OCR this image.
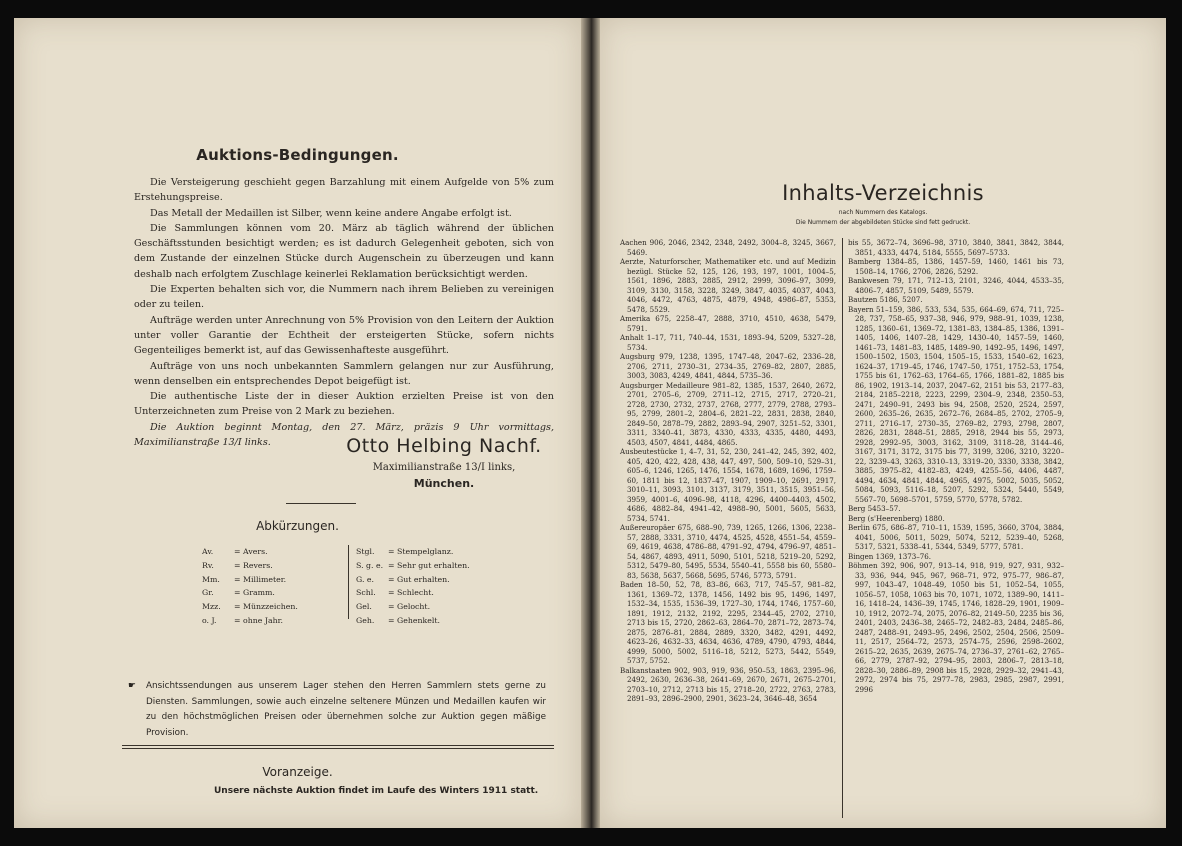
Auktions-Bedingungen.

Die Versteigerung geschieht gegen Barzahlung mit einem Aufgelde von 5% zum Erstehungspreise.

Das Metall der Medaillen ist Silber, wenn keine andere Angabe erfolgt ist.

Die Sammlungen können vom 20. März ab täglich während der üblichen Geschäftsstunden besichtigt werden; es ist dadurch Gelegenheit geboten, sich von dem Zustande der einzelnen Stücke durch Augenschein zu überzeugen und kann deshalb nach erfolgtem Zuschlage keinerlei Reklamation berücksichtigt werden.

Die Experten behalten sich vor, die Nummern nach ihrem Belieben zu vereinigen oder zu teilen.

Aufträge werden unter Anrechnung von 5% Provision von den Leitern der Auktion unter voller Garantie der Echtheit der ersteigerten Stücke, sofern nichts Gegenteiliges bemerkt ist, auf das Gewissenhafteste ausgeführt.

Aufträge von uns noch unbekannten Sammlern gelangen nur zur Ausführung, wenn denselben ein entsprechendes Depot beigefügt ist.

Die authentische Liste der in dieser Auktion erzielten Preise ist von den Unterzeichneten zum Preise von 2 Mark zu beziehen.

Die Auktion beginnt Montag, den 27. März, präzis 9 Uhr vormittags, Maximilianstraße 13/I links.	Otto Helbing Nachf.
Maximilianstraße 13/I links,
München.
Abkürzungen.
Av.	= Avers.
Rv.	= Revers.
Mm. = Millimeter.
Gr.	= Gramm.
Mzz. = Münzzeichen.
o. J. = ohne Jahr.
Stgl. = Stempelglanz.
S. g. e. = Sehr gut erhalten.
G. e. = Gut erhalten.
Schl. = Schlecht.
Gel. = Gelocht.
Geh. = Gehenkelt.
☛ Ansichtssendungen aus unserem Lager stehen den Herren Sammlern stets gerne zu Diensten. Sammlungen, sowie auch einzelne seltenere Münzen und Medaillen kaufen wir zu den höchstmöglichen Preisen oder übernehmen solche zur Auktion gegen mäßige Provision.
Voranzeige.
Unsere nächste Auktion findet im Laufe des Winters 1911 statt.
Inhalts-Verzeichnis
nach Nummern des Katalogs.
Die Nummern der abgebildeten Stücke sind fett gedruckt.
Aachen 906, 2046, 2342, 2348, 2492, 3004–8, 3245, 3667, 5469.
Aerzte, Naturforscher, Mathematiker etc. und auf Medizin bezügl. Stücke 52, 125, 126, 193, 197, 1001, 1004–5, 1561, 1896, 2883, 2885, 2912, 2999, 3096–97, 3099, 3109, 3130, 3158, 3228, 3249, 3847, 4035, 4037, 4043, 4046, 4472, 4763, 4875, 4879, 4948, 4986–87, 5353, 5478, 5529.
Amerika 675, 2258–47, 2888, 3710, 4510, 4638, 5479, 5791.
Anhalt 1–17, 711, 740–44, 1531, 1893–94, 5209, 5327–28, 5734.
Augsburg 979, 1238, 1395, 1747–48, 2047–62, 2336–28, 2706, 2711, 2730–31, 2734–35, 2769–82, 2807, 2885, 3003, 3083, 4249, 4841, 4844, 5735–36.
Augsburger Medailleure 981–82, 1385, 1537, 2640, 2672, 2701, 2705–6, 2709, 2711–12, 2715, 2717, 2720–21, 2728, 2730, 2732, 2737, 2768, 2777, 2779, 2788, 2793–95, 2799, 2801–2, 2804–6, 2821–22, 2831, 2838, 2840, 2849–50, 2878–79, 2882, 2893–94, 2907, 3251–52, 3301, 3311, 3340–41, 3873, 4330, 4333, 4335, 4480, 4493, 4503, 4507, 4841, 4484, 4865.
Ausbeutestücke 1, 4–7, 31, 52, 230, 241–42, 245, 392, 402, 405, 420, 422, 428, 438, 447, 497, 500, 509–10, 529–31, 605–6, 1246, 1265, 1476, 1554, 1678, 1689, 1696, 1759–60, 1811 bis 12, 1837–47, 1907, 1909–10, 2691, 2917, 3010–11, 3093, 3101, 3137, 3179, 3511, 3515, 3951–56, 3959, 4001–6, 4096–98, 4118, 4296, 4400–4403, 4502, 4686, 4882–84, 4941–42, 4988–90, 5001, 5605, 5633, 5734, 5741.
Außereuropäer 675, 688–90, 739, 1265, 1266, 1306, 2238–57, 2888, 3331, 3710, 4474, 4525, 4528, 4551–54, 4559–69, 4619, 4638, 4786–88, 4791–92, 4794, 4796–97, 4851–54, 4867, 4893, 4911, 5090, 5101, 5218, 5219–20, 5292, 5312, 5479–80, 5495, 5534, 5540–41, 5558 bis 60, 5580–83, 5638, 5637, 5668, 5695, 5746, 5773, 5791.
Baden 18–50, 52, 78, 83–86, 663, 717, 745–57, 981–82, 1361, 1369–72, 1378, 1456, 1492 bis 95, 1496, 1497, 1532–34, 1535, 1536–39, 1727–30, 1744, 1746, 1757–60, 1891, 1912, 2132, 2192, 2295, 2344–45, 2702, 2710, 2713 bis 15, 2720, 2862–63, 2864–70, 2871–72, 2873–74, 2875, 2876–81, 2884, 2889, 3320, 3482, 4291, 4492, 4623–26, 4632–33, 4634, 4636, 4789, 4790, 4793, 4844, 4999, 5000, 5002, 5116–18, 5212, 5273, 5442, 5549, 5737, 5752.
Balkanstaaten 902, 903, 919, 936, 950–53, 1863, 2395–96, 2492, 2630, 2636–38, 2641–69, 2670, 2671, 2675–2701, 2703–10, 2712, 2713 bis 15, 2718–20, 2722, 2763, 2783, 2891–93, 2896–2900, 2901, 3623–24, 3646–48, 3654
bis 55, 3672–74, 3696–98, 3710, 3840, 3841, 3842, 3844, 3851, 4333, 4474, 5184, 5555, 5697–5733.
Bamberg 1384–85, 1386, 1457–59, 1460, 1461 bis 73, 1508–14, 1766, 2706, 2826, 5292.
Bankwesen 79, 171, 712–13, 2101, 3246, 4044, 4533–35, 4806–7, 4857, 5109, 5489, 5579.
Bautzen 5186, 5207.
Bayern 51–159, 386, 533, 534, 535, 664–69, 674, 711, 725–28, 737, 758–65, 937–38, 946, 979, 988–91, 1039, 1238, 1285, 1360–61, 1369–72, 1381–83, 1384–85, 1386, 1391–1405, 1406, 1407–28, 1429, 1430–40, 1457–59, 1460, 1461–73, 1481–83, 1485, 1489–90, 1492–95, 1496, 1497, 1500–1502, 1503, 1504, 1505–15, 1533, 1540–62, 1623, 1624–37, 1719–45, 1746, 1747–50, 1751, 1752–53, 1754, 1755 bis 61, 1762–63, 1764–65, 1766, 1881–82, 1885 bis 86, 1902, 1913–14, 2037, 2047–62, 2151 bis 53, 2177–83, 2184, 2185–2218, 2223, 2299, 2304–9, 2348, 2350–53, 2471, 2490–91, 2493 bis 94, 2508, 2520, 2524, 2597, 2600, 2635–26, 2635, 2672–76, 2684–85, 2702, 2705–9, 2711, 2716–17, 2730–35, 2769–82, 2793, 2798, 2807, 2826, 2831, 2848–51, 2885, 2918, 2944 bis 55, 2973, 2928, 2992–95, 3003, 3162, 3109, 3118–28, 3144–46, 3167, 3171, 3172, 3175 bis 77, 3199, 3206, 3210, 3220–22, 3239–43, 3263, 3310–13, 3319–20, 3330, 3338, 3842, 3885, 3975–82, 4182–83, 4249, 4255–56, 4406, 4487, 4494, 4634, 4841, 4844, 4965, 4975, 5002, 5035, 5052, 5084, 5093, 5116–18, 5207, 5292, 5324, 5440, 5549, 5567–70, 5698–5701, 5759, 5770, 5778, 5782.
Berg 5453–57.
Berg (s'Heerenberg) 1880.
Berlin 675, 686–87, 710–11, 1539, 1595, 3660, 3704, 3884, 4041, 5006, 5011, 5029, 5074, 5212, 5239–40, 5268, 5317, 5321, 5338–41, 5344, 5349, 5777, 5781.
Bingen 1369, 1373–76.
Böhmen 392, 906, 907, 913–14, 918, 919, 927, 931, 932–33, 936, 944, 945, 967, 968–71, 972, 975–77, 986–87, 997, 1043–47, 1048–49, 1050 bis 51, 1052–54, 1055, 1056–57, 1058, 1063 bis 70, 1071, 1072, 1389–90, 1411–16, 1418–24, 1436–39, 1745, 1746, 1828–29, 1901, 1909–10, 1912, 2072–74, 2075, 2076–82, 2149–50, 2235 bis 36, 2401, 2403, 2436–38, 2465–72, 2482–83, 2484, 2485–86, 2487, 2488–91, 2493–95, 2496, 2502, 2504, 2506, 2509–11, 2517, 2564–72, 2573, 2574–75, 2596, 2598–2602, 2615–22, 2635, 2639, 2675–74, 2736–37, 2761–62, 2765–66, 2779, 2787–92, 2794–95, 2803, 2806–7, 2813–18, 2828–30, 2886–89, 2908 bis 15, 2928, 2929–32, 2941–43, 2972, 2974 bis 75, 2977–78, 2983, 2985, 2987, 2991, 2996
